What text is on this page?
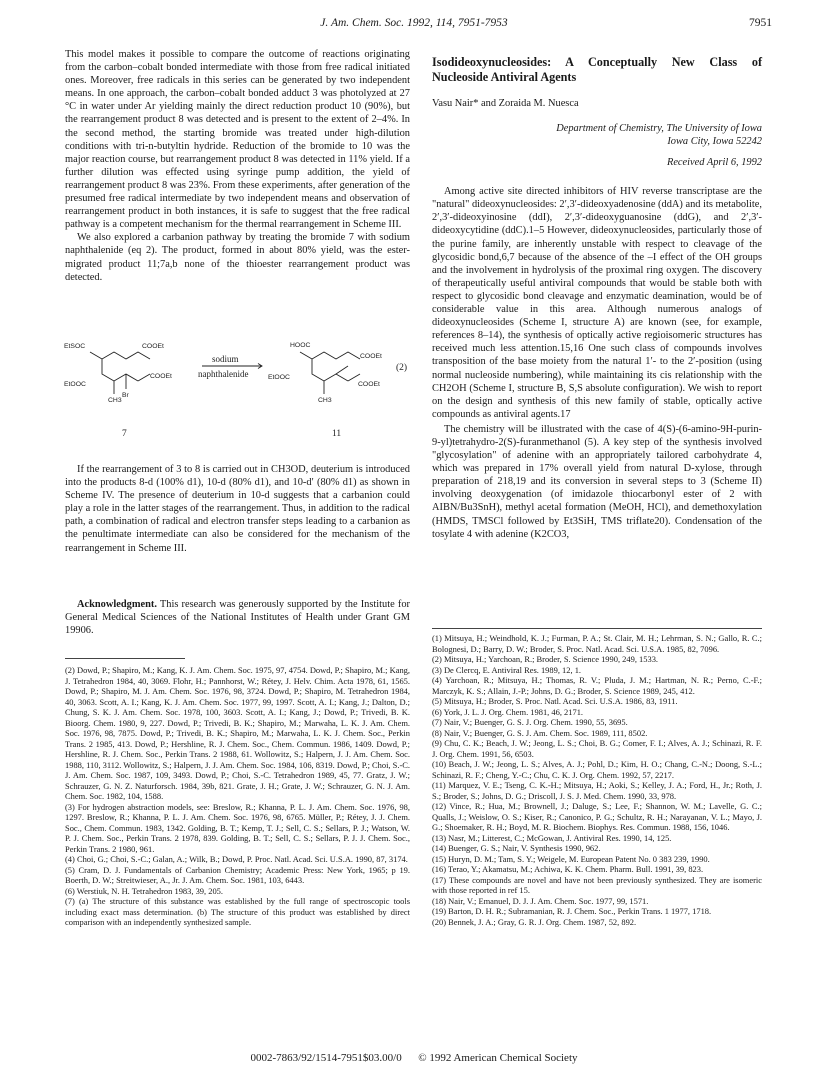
J. Am. Chem. Soc. 1992, 114, 7951-7953	7951

This model makes it possible to compare the outcome of reactions originating from the carbon–cobalt bonded intermediate with those from free radical initiated ones. Moreover, free radicals in this series can be generated by two independent means. In one approach, the carbon–cobalt bonded adduct 3 was photolyzed at 27 °C in water under Ar yielding mainly the direct reduction product 10 (90%), but the rearrangement product 8 was detected and is present to the extent of 2–4%. In the second method, the starting bromide was treated under high-dilution conditions with tri-n-butyltin hydride. Reduction of the bromide to 10 was the major reaction course, but rearrangement product 8 was detected in 11% yield. If a further dilution was effected using syringe pump addition, the yield of rearrangement product 8 was 23%. From these experiments, after generation of the presumed free radical intermediate by two independent means and observation of rearrangement product in both instances, it is safe to suggest that the free radical pathway is a competent mechanism for the thermal rearrangement in Scheme III.

We also explored a carbanion pathway by treating the bromide 7 with sodium naphthalenide (eq 2). The product, formed in about 80% yield, was the ester-migrated product 11;7a,b none of the thioester rearrangement product was detected.

EtSOC	COOEt
EtOOC
COOEt
CH3
Br
7
sodium
naphthalenide
HOOC
COOEt
EtOOC
COOEt
CH3
11
(2)

If the rearrangement of 3 to 8 is carried out in CH3OD, deuterium is introduced into the products 8-d (100% d1), 10-d (80% d1), and 10-d′ (80% d1) as shown in Scheme IV. The presence of deuterium in 10-d suggests that a carbanion could play a role in the latter stages of the rearrangement. Thus, in addition to the radical path, a combination of radical and electron transfer steps leading to a carbanion as the penultimate intermediate can also be considered for the mechanism of the rearrangement in Scheme III.

Acknowledgment. This research was generously supported by the Institute for General Medical Sciences of the National Institutes of Health under Grant GM 19906.

(2) Dowd, P.; Shapiro, M.; Kang, K. J. Am. Chem. Soc. 1975, 97, 4754. Dowd, P.; Shapiro, M.; Kang, J. Tetrahedron 1984, 40, 3069. Flohr, H.; Pannhorst, W.; Rétey, J. Helv. Chim. Acta 1978, 61, 1565. Dowd, P.; Shapiro, M. J. Am. Chem. Soc. 1976, 98, 3724. Dowd, P.; Shapiro, M. Tetrahedron 1984, 40, 3063. Scott, A. I.; Kang, K. J. Am. Chem. Soc. 1977, 99, 1997. Scott, A. I.; Kang, J.; Dalton, D.; Chung, S. K. J. Am. Chem. Soc. 1978, 100, 3603. Scott, A. I.; Kang, J.; Dowd, P.; Trivedi, B. K. Bioorg. Chem. 1980, 9, 227. Dowd, P.; Trivedi, B. K.; Shapiro, M.; Marwaha, L. K. J. Am. Chem. Soc. 1976, 98, 7875. Dowd, P.; Trivedi, B. K.; Shapiro, M.; Marwaha, L. K. J. Chem. Soc., Perkin Trans. 2 1985, 413. Dowd, P.; Hershline, R. J. Chem. Soc., Chem. Commun. 1986, 1409. Dowd, P.; Hershline, R. J. Chem. Soc., Perkin Trans. 2 1988, 61. Wollowitz, S.; Halpern, J. J. Am. Chem. Soc. 1988, 110, 3112. Wollowitz, S.; Halpern, J. J. Am. Chem. Soc. 1984, 106, 8319. Dowd, P.; Choi, S.-C. J. Am. Chem. Soc. 1987, 109, 3493. Dowd, P.; Choi, S.-C. Tetrahedron 1989, 45, 77. Gratz, J. W.; Schrauzer, G. N. Z. Naturforsch. 1984, 39b, 821. Grate, J. H.; Grate, J. W.; Schrauzer, G. N. J. Am. Chem. Soc. 1982, 104, 1588.
(3) For hydrogen abstraction models, see: Breslow, R.; Khanna, P. L. J. Am. Chem. Soc. 1976, 98, 1297. Breslow, R.; Khanna, P. L. J. Am. Chem. Soc. 1976, 98, 6765. Müller, P.; Rétey, J. J. Chem. Soc., Chem. Commun. 1983, 1342. Golding, B. T.; Kemp, T. J.; Sell, C. S.; Sellars, P. J.; Watson, W. P. J. Chem. Soc., Perkin Trans. 2 1978, 839. Golding, B. T.; Sell, C. S.; Sellars, P. J. J. Chem. Soc., Perkin Trans. 2 1980, 961.
(4) Choi, G.; Choi, S.-C.; Galan, A.; Wilk, B.; Dowd, P. Proc. Natl. Acad. Sci. U.S.A. 1990, 87, 3174.
(5) Cram, D. J. Fundamentals of Carbanion Chemistry; Academic Press: New York, 1965; p 19. Boerth, D. W.; Streitwieser, A., Jr. J. Am. Chem. Soc. 1981, 103, 6443.
(6) Werstiuk, N. H. Tetrahedron 1983, 39, 205.
(7) (a) The structure of this substance was established by the full range of spectroscopic tools including exact mass determination. (b) The structure of this product was established by direct comparison with an independently synthesized sample.
Isodideoxynucleosides: A Conceptually New Class of Nucleoside Antiviral Agents
Vasu Nair* and Zoraida M. Nuesca
Department of Chemistry, The University of Iowa
Iowa City, Iowa 52242
Received April 6, 1992

Among active site directed inhibitors of HIV reverse transcriptase are the "natural" dideoxynucleosides: 2′,3′-dideoxyadenosine (ddA) and its metabolite, 2′,3′-dideoxyinosine (ddI), 2′,3′-dideoxyguanosine (ddG), and 2′,3′-dideoxycytidine (ddC).1–5 However, dideoxynucleosides, particularly those of the purine family, are inherently unstable with respect to cleavage of the glycosidic bond,6,7 because of the absence of the –I effect of the OH groups and the involvement in hydrolysis of the proximal ring oxygen. The discovery of therapeutically useful antiviral compounds that would be stable both with respect to glycosidic bond cleavage and enzymatic deamination, would be of considerable value in this area. Although numerous analogs of dideoxynucleosides (Scheme I, structure A) are known (see, for example, references 8–14), the synthesis of optically active regioisomeric structures has received much less attention.15,16 One such class of compounds involves transposition of the base moiety from the natural 1′- to the 2′-position (using normal nucleoside numbering), while maintaining its cis relationship with the CH2OH (Scheme I, structure B, S,S absolute configuration). We wish to report on the design and synthesis of this new family of stable, optically active compounds as antiviral agents.17

The chemistry will be illustrated with the case of 4(S)-(6-amino-9H-purin-9-yl)tetrahydro-2(S)-furanmethanol (5). A key step of the synthesis involved "glycosylation" of adenine with an appropriately tailored carbohydrate 4, which was prepared in 17% overall yield from natural D-xylose, through preparation of 218,19 and its conversion in several steps to 3 (Scheme II) involving deoxygenation (of imidazole thiocarbonyl ester of 2 with AIBN/Bu3SnH), methyl acetal formation (MeOH, HCl), and demethoxylation (HMDS, TMSCl followed by Et3SiH, TMS triflate20). Condensation of the tosylate 4 with adenine (K2CO3,

(1) Mitsuya, H.; Weindhold, K. J.; Furman, P. A.; St. Clair, M. H.; Lehrman, S. N.; Gallo, R. C.; Bolognesi, D.; Barry, D. W.; Broder, S. Proc. Natl. Acad. Sci. U.S.A. 1985, 82, 7096.
(2) Mitsuya, H.; Yarchoan, R.; Broder, S. Science 1990, 249, 1533.
(3) De Clercq, E. Antiviral Res. 1989, 12, 1.
(4) Yarchoan, R.; Mitsuya, H.; Thomas, R. V.; Pluda, J. M.; Hartman, N. R.; Perno, C.-F.; Marczyk, K. S.; Allain, J.-P.; Johns, D. G.; Broder, S. Science 1989, 245, 412.
(5) Mitsuya, H.; Broder, S. Proc. Natl. Acad. Sci. U.S.A. 1986, 83, 1911.
(6) York, J. L. J. Org. Chem. 1981, 46, 2171.
(7) Nair, V.; Buenger, G. S. J. Org. Chem. 1990, 55, 3695.
(8) Nair, V.; Buenger, G. S. J. Am. Chem. Soc. 1989, 111, 8502.
(9) Chu, C. K.; Beach, J. W.; Jeong, L. S.; Choi, B. G.; Comer, F. I.; Alves, A. J.; Schinazi, R. F. J. Org. Chem. 1991, 56, 6503.
(10) Beach, J. W.; Jeong, L. S.; Alves, A. J.; Pohl, D.; Kim, H. O.; Chang, C.-N.; Doong, S.-L.; Schinazi, R. F.; Cheng, Y.-C.; Chu, C. K. J. Org. Chem. 1992, 57, 2217.
(11) Marquez, V. E.; Tseng, C. K.-H.; Mitsuya, H.; Aoki, S.; Kelley, J. A.; Ford, H., Jr.; Roth, J. S.; Broder, S.; Johns, D. G.; Driscoll, J. S. J. Med. Chem. 1990, 33, 978.
(12) Vince, R.; Hua, M.; Brownell, J.; Daluge, S.; Lee, F.; Shannon, W. M.; Lavelle, G. C.; Qualls, J.; Weislow, O. S.; Kiser, R.; Canonico, P. G.; Schultz, R. H.; Narayanan, V. L.; Mayo, J. G.; Shoemaker, R. H.; Boyd, M. R. Biochem. Biophys. Res. Commun. 1988, 156, 1046.
(13) Nasr, M.; Litterest, C.; McGowan, J. Antiviral Res. 1990, 14, 125.
(14) Buenger, G. S.; Nair, V. Synthesis 1990, 962.
(15) Huryn, D. M.; Tam, S. Y.; Weigele, M. European Patent No. 0 383 239, 1990.
(16) Terao, Y.; Akamatsu, M.; Achiwa, K. K. Chem. Pharm. Bull. 1991, 39, 823.
(17) These compounds are novel and have not been previously synthesized. They are isomeric with those reported in ref 15.
(18) Nair, V.; Emanuel, D. J. J. Am. Chem. Soc. 1977, 99, 1571.
(19) Barton, D. H. R.; Subramanian, R. J. Chem. Soc., Perkin Trans. 1 1977, 1718.
(20) Bennek, J. A.; Gray, G. R. J. Org. Chem. 1987, 52, 892.
0002-7863/92/1514-7951$03.00/0 © 1992 American Chemical Society
